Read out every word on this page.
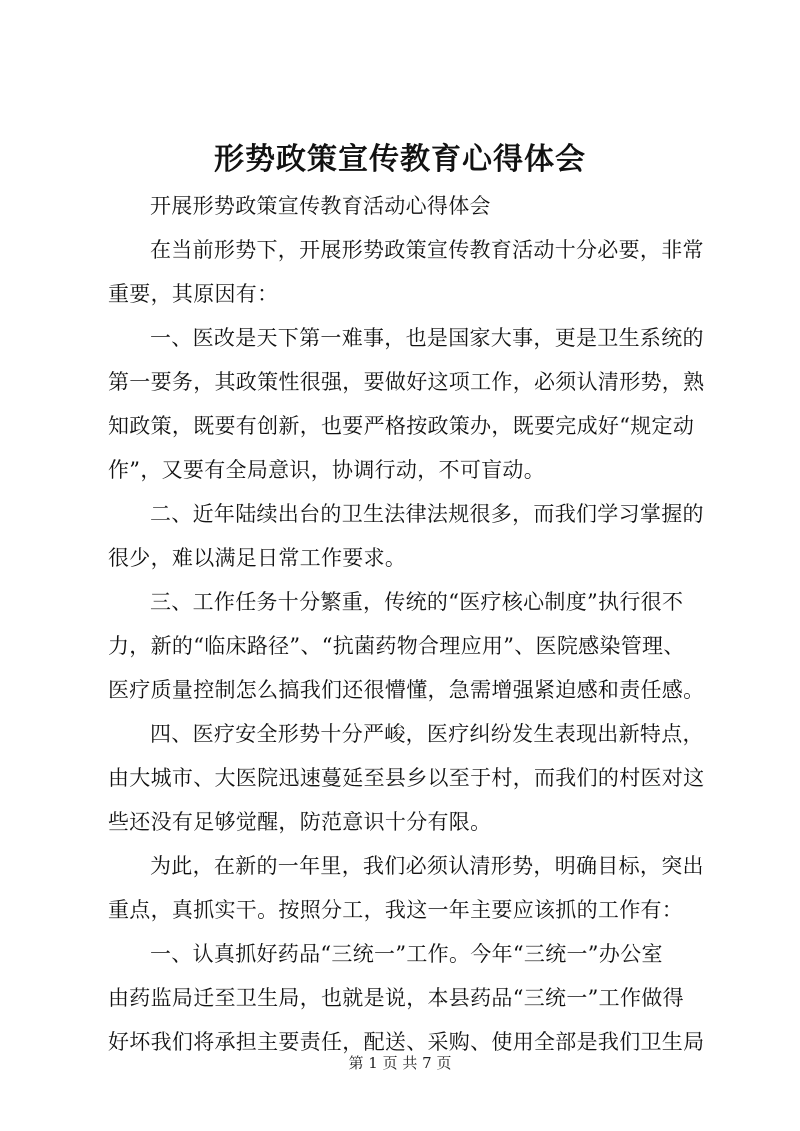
形势政策宣传教育心得体会
开展形势政策宣传教育活动心得体会
在当前形势下，开展形势政策宣传教育活动十分必要，非常
重要，其原因有：
一、医改是天下第一难事，也是国家大事，更是卫生系统的
第一要务，其政策性很强，要做好这项工作，必须认清形势，熟
知政策，既要有创新，也要严格按政策办，既要完成好“规定动
作”，又要有全局意识，协调行动，不可盲动。
二、近年陆续出台的卫生法律法规很多，而我们学习掌握的
很少，难以满足日常工作要求。
三、工作任务十分繁重，传统的“医疗核心制度”执行很不
力，新的“临床路径”、“抗菌药物合理应用”、医院感染管理、
医疗质量控制怎么搞我们还很懵懂，急需增强紧迫感和责任感。
四、医疗安全形势十分严峻，医疗纠纷发生表现出新特点，
由大城市、大医院迅速蔓延至县乡以至于村，而我们的村医对这
些还没有足够觉醒，防范意识十分有限。
为此，在新的一年里，我们必须认清形势，明确目标，突出
重点，真抓实干。按照分工，我这一年主要应该抓的工作有：
一、认真抓好药品“三统一”工作。今年“三统一”办公室
由药监局迁至卫生局，也就是说，本县药品“三统一”工作做得
好坏我们将承担主要责任，配送、采购、使用全部是我们卫生局
第 1 页 共 7 页
